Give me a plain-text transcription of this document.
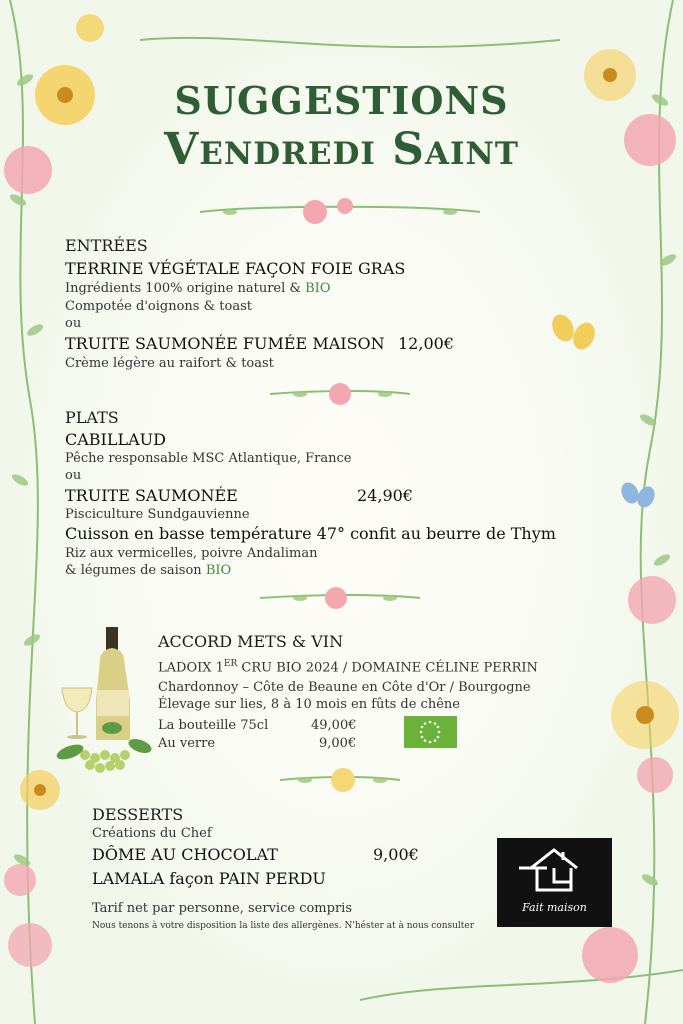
SUGGESTIONS
Vendredi Saint
ENTRÉES
TERRINE VÉGÉTALE FAÇON FOIE GRAS
Ingrédients 100% origine naturel & BIO
Compotée d'oignons & toast
ou
TRUITE SAUMONÉE FUMÉE MAISON 12,00€
Crème légère au raifort & toast
PLATS
CABILLAUD
Pêche responsable MSC Atlantique, France
ou
TRUITE SAUMONÉE	24,90€
Pisciculture Sundgauvienne
Cuisson en basse température 47° confit au beurre de Thym
Riz aux vermicelles, poivre Andaliman
& légumes de saison BIO
ACCORD METS & VIN
LADOIX 1ER CRU BIO 2024 / DOMAINE CÉLINE PERRIN
Chardonnoy – Côte de Beaune en Côte d'Or / Bourgogne
Élevage sur lies, 8 à 10 mois en fûts de chêne
La bouteille 75cl	49,00€
Au verre	9,00€
DESSERTS
Créations du Chef
DÔME AU CHOCOLAT	9,00€
LAMALA façon PAIN PERDU
Tarif net par personne, service compris
Nous tenons à votre disposition la liste des allergènes. N'héster at à nous consulter
Fait maison
